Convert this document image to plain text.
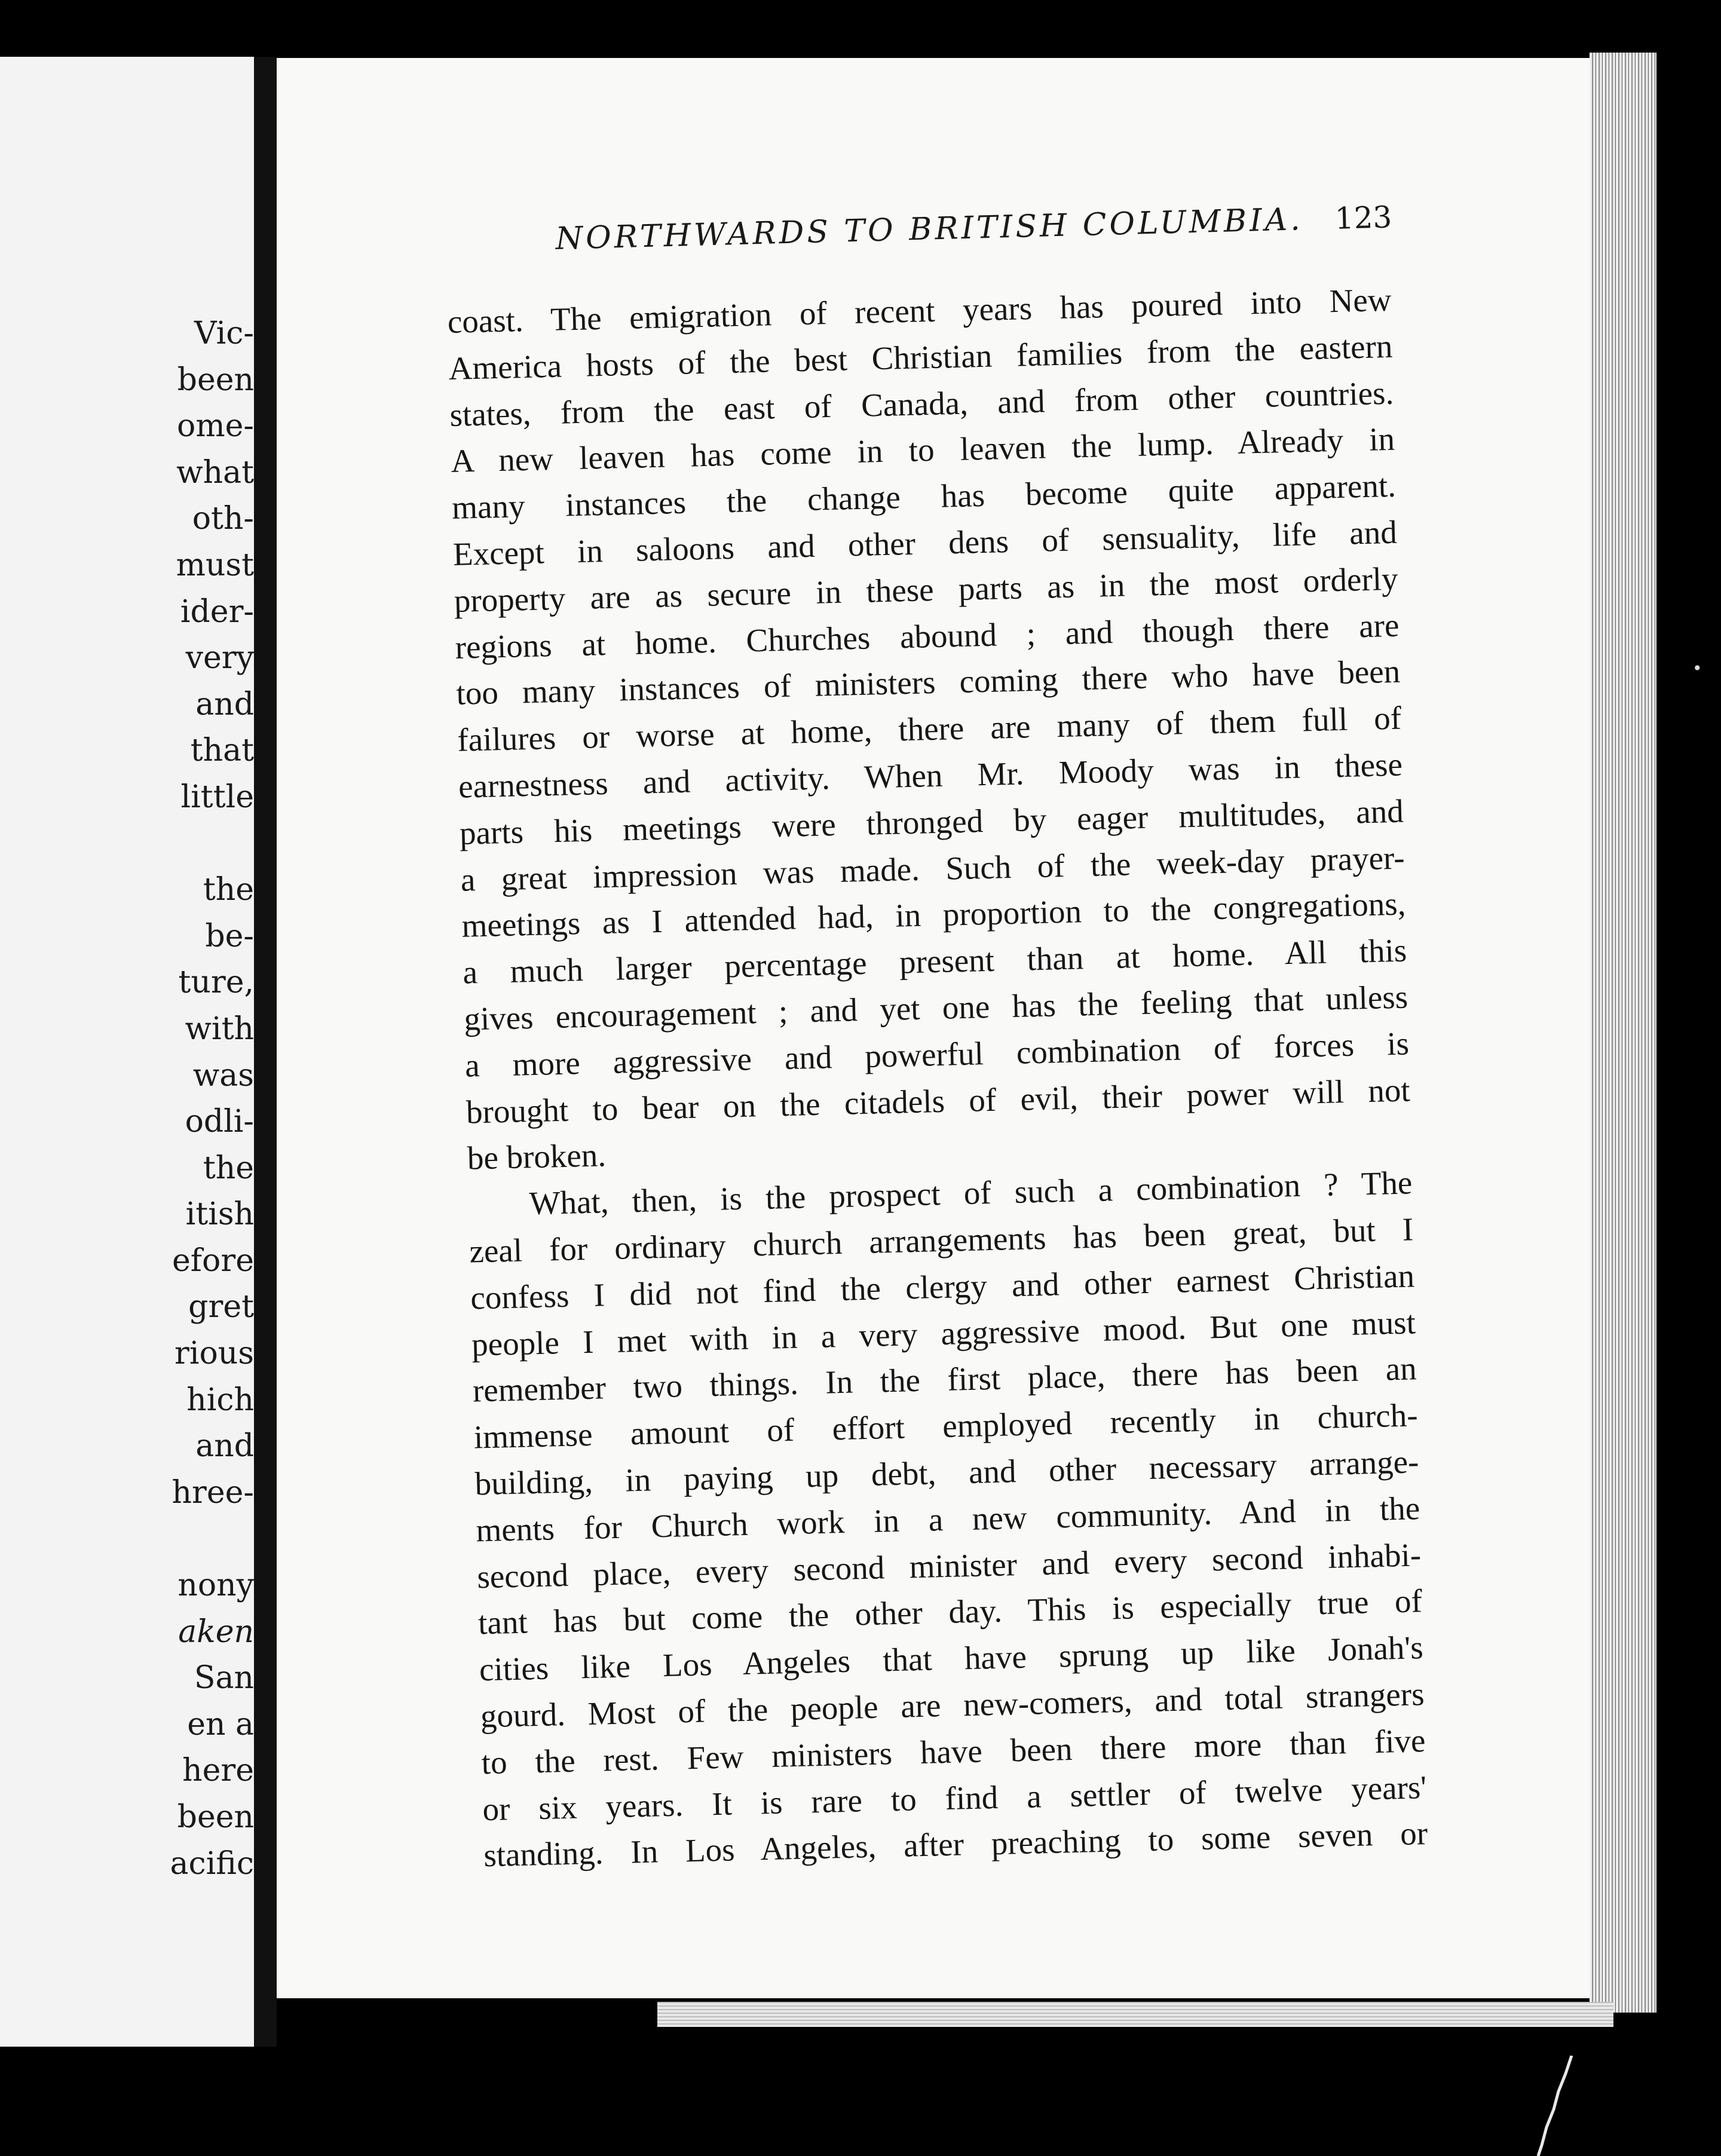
Vic-
been
ome-
what
oth-
must
ider-
very
and
that
little
the
be-
ture,
with
was
odli-
the
itish
efore
gret
rious
hich
and
hree-
nony
aken
San
en a
here
been
acific
•
NORTHWARDS TO BRITISH COLUMBIA. 123
coast. The emigration of recent years has poured into New
America hosts of the best Christian families from the eastern
states, from the east of Canada, and from other countries.
A new leaven has come in to leaven the lump. Already in
many instances the change has become quite apparent.
Except in saloons and other dens of sensuality, life and
property are as secure in these parts as in the most orderly
regions at home. Churches abound ; and though there are
too many instances of ministers coming there who have been
failures or worse at home, there are many of them full of
earnestness and activity. When Mr. Moody was in these
parts his meetings were thronged by eager multitudes, and
a great impression was made. Such of the week-day prayer-
meetings as I attended had, in proportion to the congregations,
a much larger percentage present than at home. All this
gives encouragement ; and yet one has the feeling that unless
a more aggressive and powerful combination of forces is
brought to bear on the citadels of evil, their power will not
be broken.
What, then, is the prospect of such a combination ? The
zeal for ordinary church arrangements has been great, but I
confess I did not find the clergy and other earnest Christian
people I met with in a very aggressive mood. But one must
remember two things. In the first place, there has been an
immense amount of effort employed recently in church-
building, in paying up debt, and other necessary arrange-
ments for Church work in a new community. And in the
second place, every second minister and every second inhabi-
tant has but come the other day. This is especially true of
cities like Los Angeles that have sprung up like Jonah's
gourd. Most of the people are new-comers, and total strangers
to the rest. Few ministers have been there more than five
or six years. It is rare to find a settler of twelve years'
standing. In Los Angeles, after preaching to some seven or
